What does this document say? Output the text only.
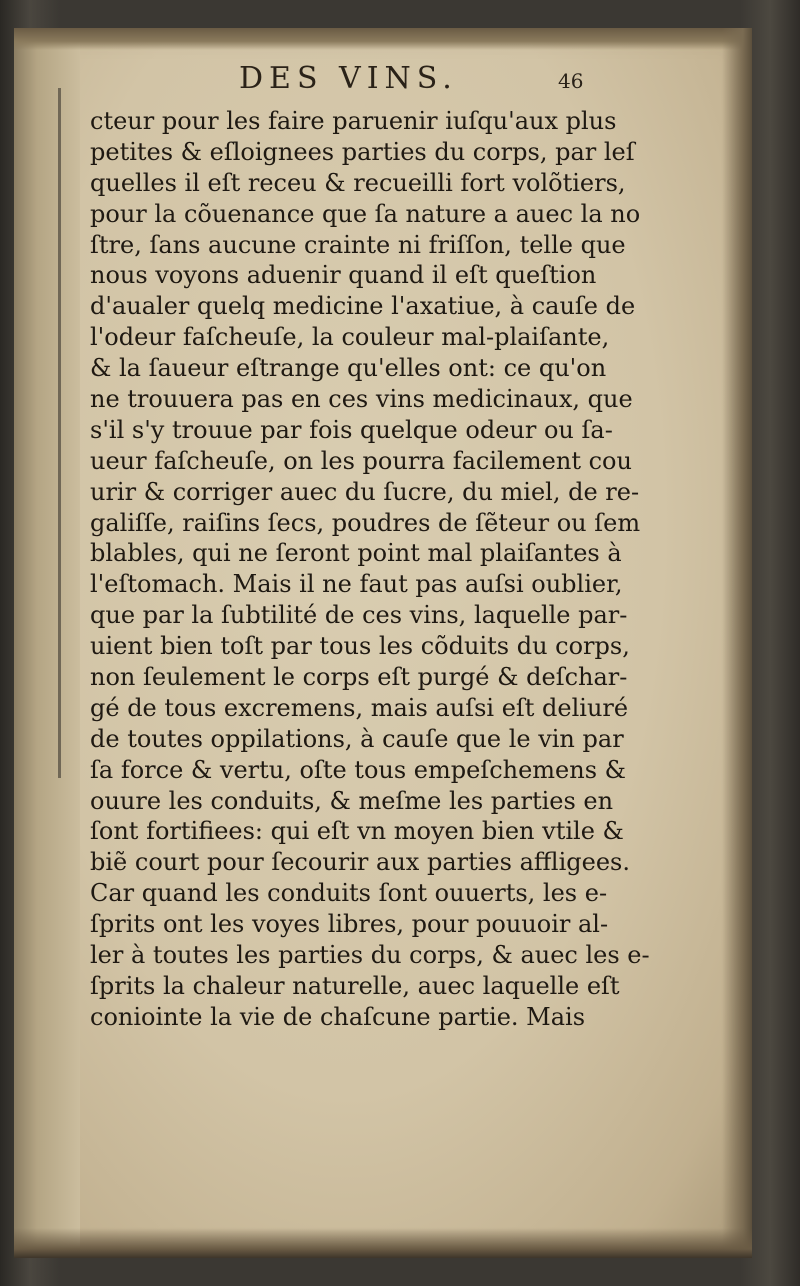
DES VINS.	46
cteur pour les faire paruenir iuſqu'aux plus
petites & eſloignees parties du corps, par leſ
quelles il eſt receu & recueilli fort volõtiers,
pour la cõuenance que ſa nature a auec la no
ſtre, ſans aucune crainte ni friſſon, telle que
nous voyons aduenir quand il eſt queſtion
d'aualer quelq medicine l'axatiue, à cauſe de
l'odeur faſcheuſe, la couleur mal-plaiſante,
& la ſaueur eſtrange qu'elles ont: ce qu'on
ne trouuera pas en ces vins medicinaux, que
s'il s'y trouue par fois quelque odeur ou ſa-
ueur faſcheuſe, on les pourra facilement cou
urir & corriger auec du ſucre, du miel, de re-
galiſſe, raiſins ſecs, poudres de ſẽteur ou ſem
blables, qui ne ſeront point mal plaiſantes à
l'eſtomach. Mais il ne faut pas auſsi oublier,
que par la ſubtilité de ces vins, laquelle par-
uient bien toſt par tous les cõduits du corps,
non ſeulement le corps eſt purgé & deſchar-
gé de tous excremens, mais auſsi eſt deliuré
de toutes oppilations, à cauſe que le vin par
ſa force & vertu, oſte tous empeſchemens &
ouure les conduits, & meſme les parties en
ſont fortifiees: qui eſt vn moyen bien vtile &
biẽ court pour ſecourir aux parties affligees.
Car quand les conduits ſont ouuerts, les e-
ſprits ont les voyes libres, pour pouuoir al-
ler à toutes les parties du corps, & auec les e-
ſprits la chaleur naturelle, auec laquelle eſt
coniointe la vie de chaſcune partie. Mais
